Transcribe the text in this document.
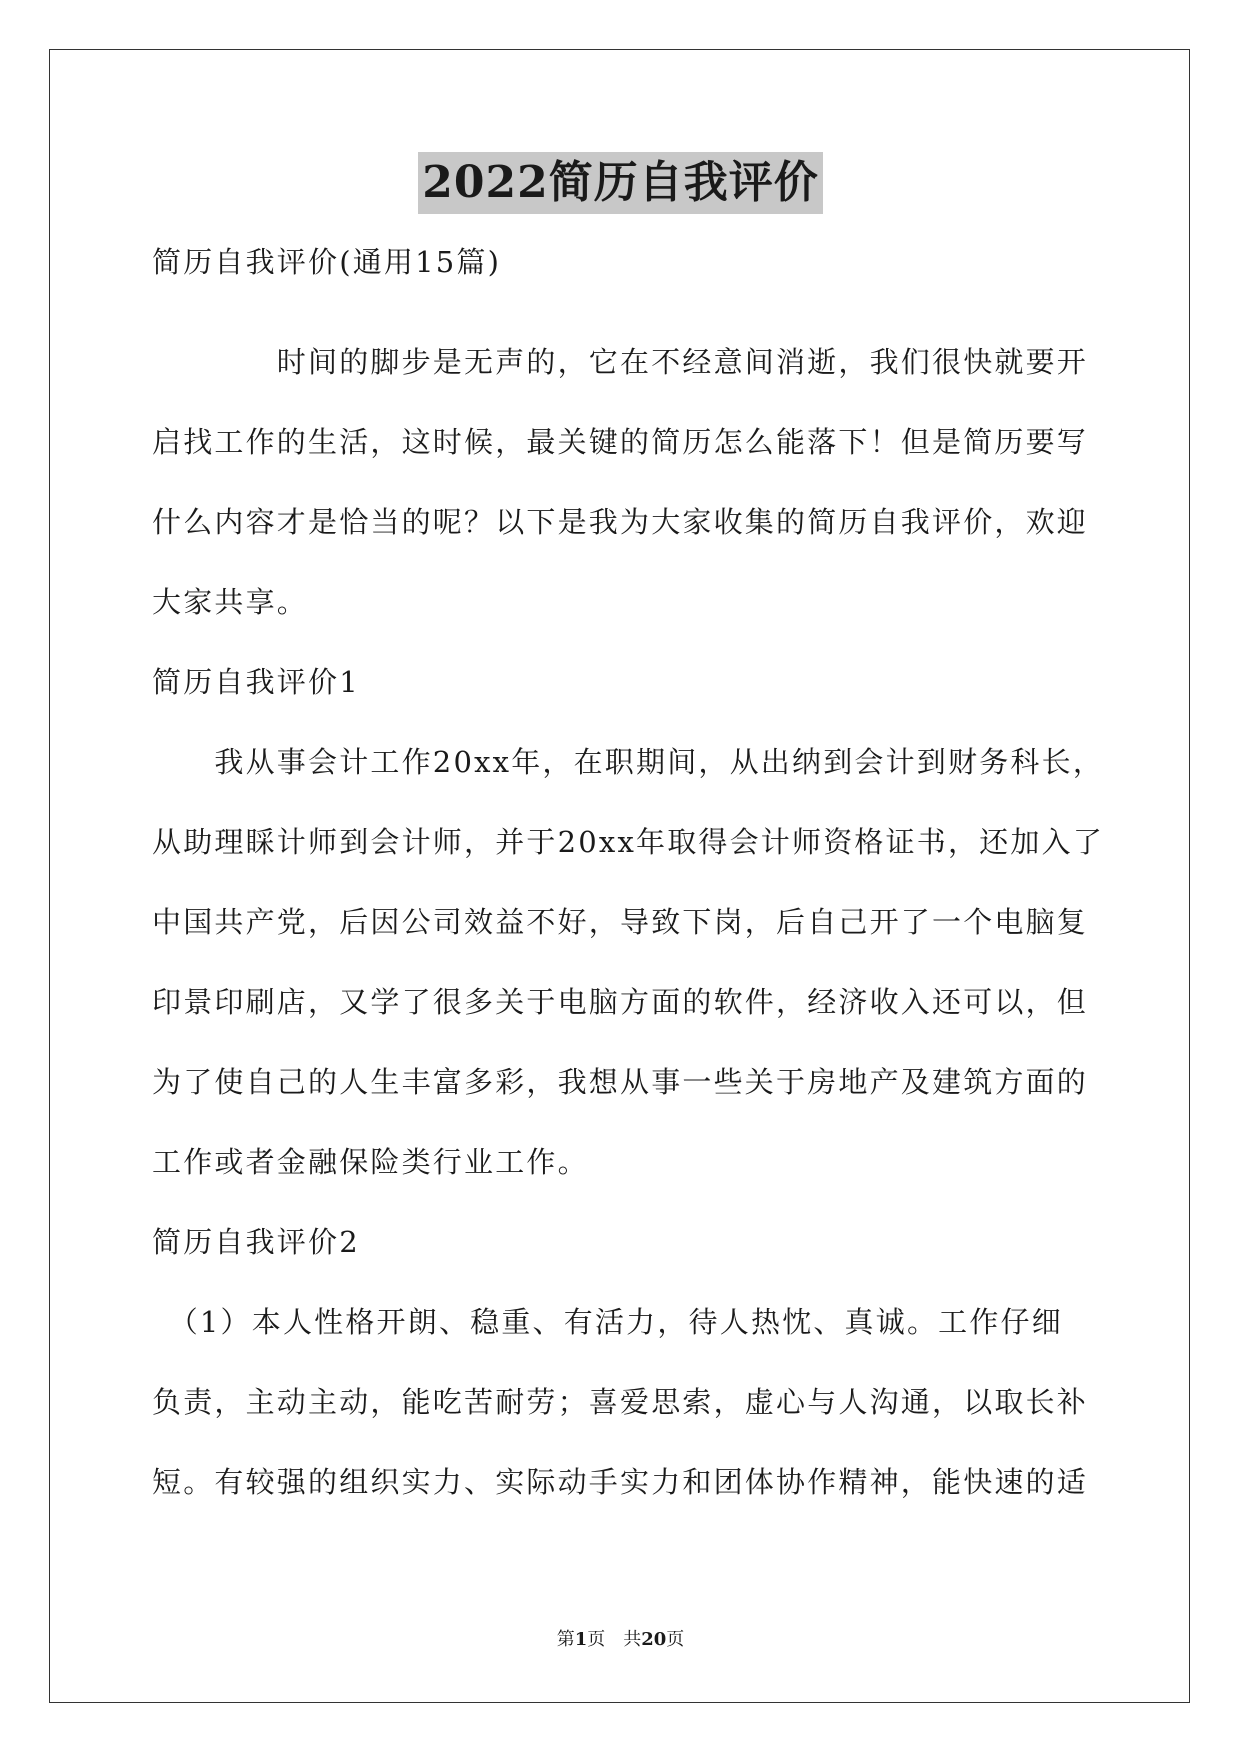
2022简历自我评价
简历自我评价(通用15篇)
　　　　时间的脚步是无声的，它在不经意间消逝，我们很快就要开
启找工作的生活，这时候，最关键的简历怎么能落下！但是简历要写
什么内容才是恰当的呢？以下是我为大家收集的简历自我评价，欢迎
大家共享。
简历自我评价1
　　我从事会计工作20xx年，在职期间，从出纳到会计到财务科长，
从助理睬计师到会计师，并于20xx年取得会计师资格证书，还加入了
中国共产党，后因公司效益不好，导致下岗，后自己开了一个电脑复
印景印刷店，又学了很多关于电脑方面的软件，经济收入还可以，但
为了使自己的人生丰富多彩，我想从事一些关于房地产及建筑方面的
工作或者金融保险类行业工作。
简历自我评价2
　（1）本人性格开朗、稳重、有活力，待人热忱、真诚。工作仔细
负责，主动主动，能吃苦耐劳；喜爱思索，虚心与人沟通，以取长补
短。有较强的组织实力、实际动手实力和团体协作精神，能快速的适
第1页　共20页
